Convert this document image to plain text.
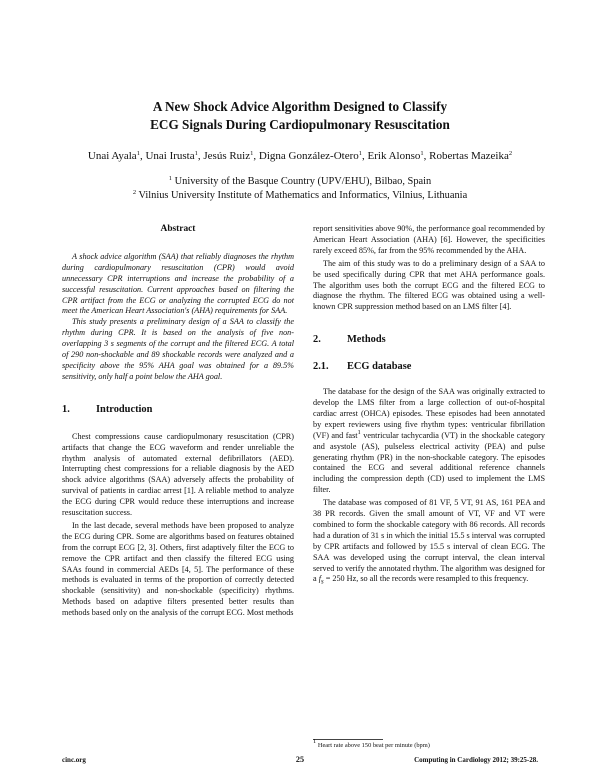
A New Shock Advice Algorithm Designed to Classify
ECG Signals During Cardiopulmonary Resuscitation
Unai Ayala$^1$, Unai Irusta$^1$, Jesús Ruiz$^1$, Digna González-Otero$^1$, Erik Alonso$^1$, Robertas Mazeika$^2$
$^1$ University of the Basque Country (UPV/EHU), Bilbao, Spain
$^2$ Vilnius University Institute of Mathematics and Informatics, Vilnius, Lithuania
Abstract

A shock advice algorithm (SAA) that reliably diagnoses the rhythm during cardiopulmonary resuscitation (CPR) would avoid unnecessary CPR interruptions and increase the probability of a successful resuscitation. Current approaches based on filtering the CPR artifact from the ECG or analyzing the corrupted ECG do not meet the American Heart Association's (AHA) requirements for SAA.

This study presents a preliminary design of a SAA to classify the rhythm during CPR. It is based on the analysis of five non-overlapping 3 s segments of the corrupt and the filtered ECG. A total of 290 non-shockable and 89 shockable records were analyzed and a specificity above the 95% AHA goal was obtained for a 89.5% sensitivity, only half a point below the AHA goal.

1.	Introduction

Chest compressions cause cardiopulmonary resuscitation (CPR) artifacts that change the ECG waveform and render unreliable the rhythm analysis of automated external defibrillators (AED). Interrupting chest compressions for a reliable diagnosis by the AED shock advice algorithms (SAA) adversely affects the probability of survival of patients in cardiac arrest [1]. A reliable method to analyze the ECG during CPR would reduce these interruptions and increase resuscitation success.

In the last decade, several methods have been proposed to analyze the ECG during CPR. Some are algorithms based on features obtained from the corrupt ECG [2, 3]. Others, first adaptively filter the ECG to remove the CPR artifact and then classify the filtered ECG using SAAs found in commercial AEDs [4, 5]. The performance of these methods is evaluated in terms of the proportion of correctly detected shockable (sensitivity) and non-shockable (specificity) rhythms. Methods based on adaptive filters presented better results than methods based only on the analysis of the corrupt ECG. Most methods

report sensitivities above 90%, the performance goal recommended by American Heart Association (AHA) [6]. However, the specificities rarely exceed 85%, far from the 95% recommended by the AHA.

The aim of this study was to do a preliminary design of a SAA to be used specifically during CPR that met AHA performance goals. The algorithm uses both the corrupt ECG and the filtered ECG to diagnose the rhythm. The filtered ECG was obtained using a well-known CPR suppression method based on an LMS filter [4].

2.	Methods
2.1.	ECG database

The database for the design of the SAA was originally extracted to develop the LMS filter from a large collection of out-of-hospital cardiac arrest (OHCA) episodes. These episodes had been annotated by expert reviewers using five rhythm types: ventricular fibrillation (VF) and fast$^1$ ventricular tachycardia (VT) in the shockable category and asystole (AS), pulseless electrical activity (PEA) and pulse generating rhythm (PR) in the non-shockable category. The episodes contained the ECG and several additional reference channels including the compression depth (CD) used to implement the LMS filter.

The database was composed of 81 VF, 5 VT, 91 AS, 161 PEA and 38 PR records. Given the small amount of VT, VF and VT were combined to form the shockable category with 86 records. All records had a duration of 31 s in which the initial 15.5 s interval was corrupted by CPR artifacts and followed by 15.5 s interval of clean ECG. The SAA was developed using the corrupt interval, the clean interval served to verify the annotated rhythm. The algorithm was designed for a $f_s = 250$ Hz, so all the records were resampled to this frequency.

$^1$ Heart rate above 150 beat per minute (bpm)
cinc.org	25	Computing in Cardiology 2012; 39:25-28.
